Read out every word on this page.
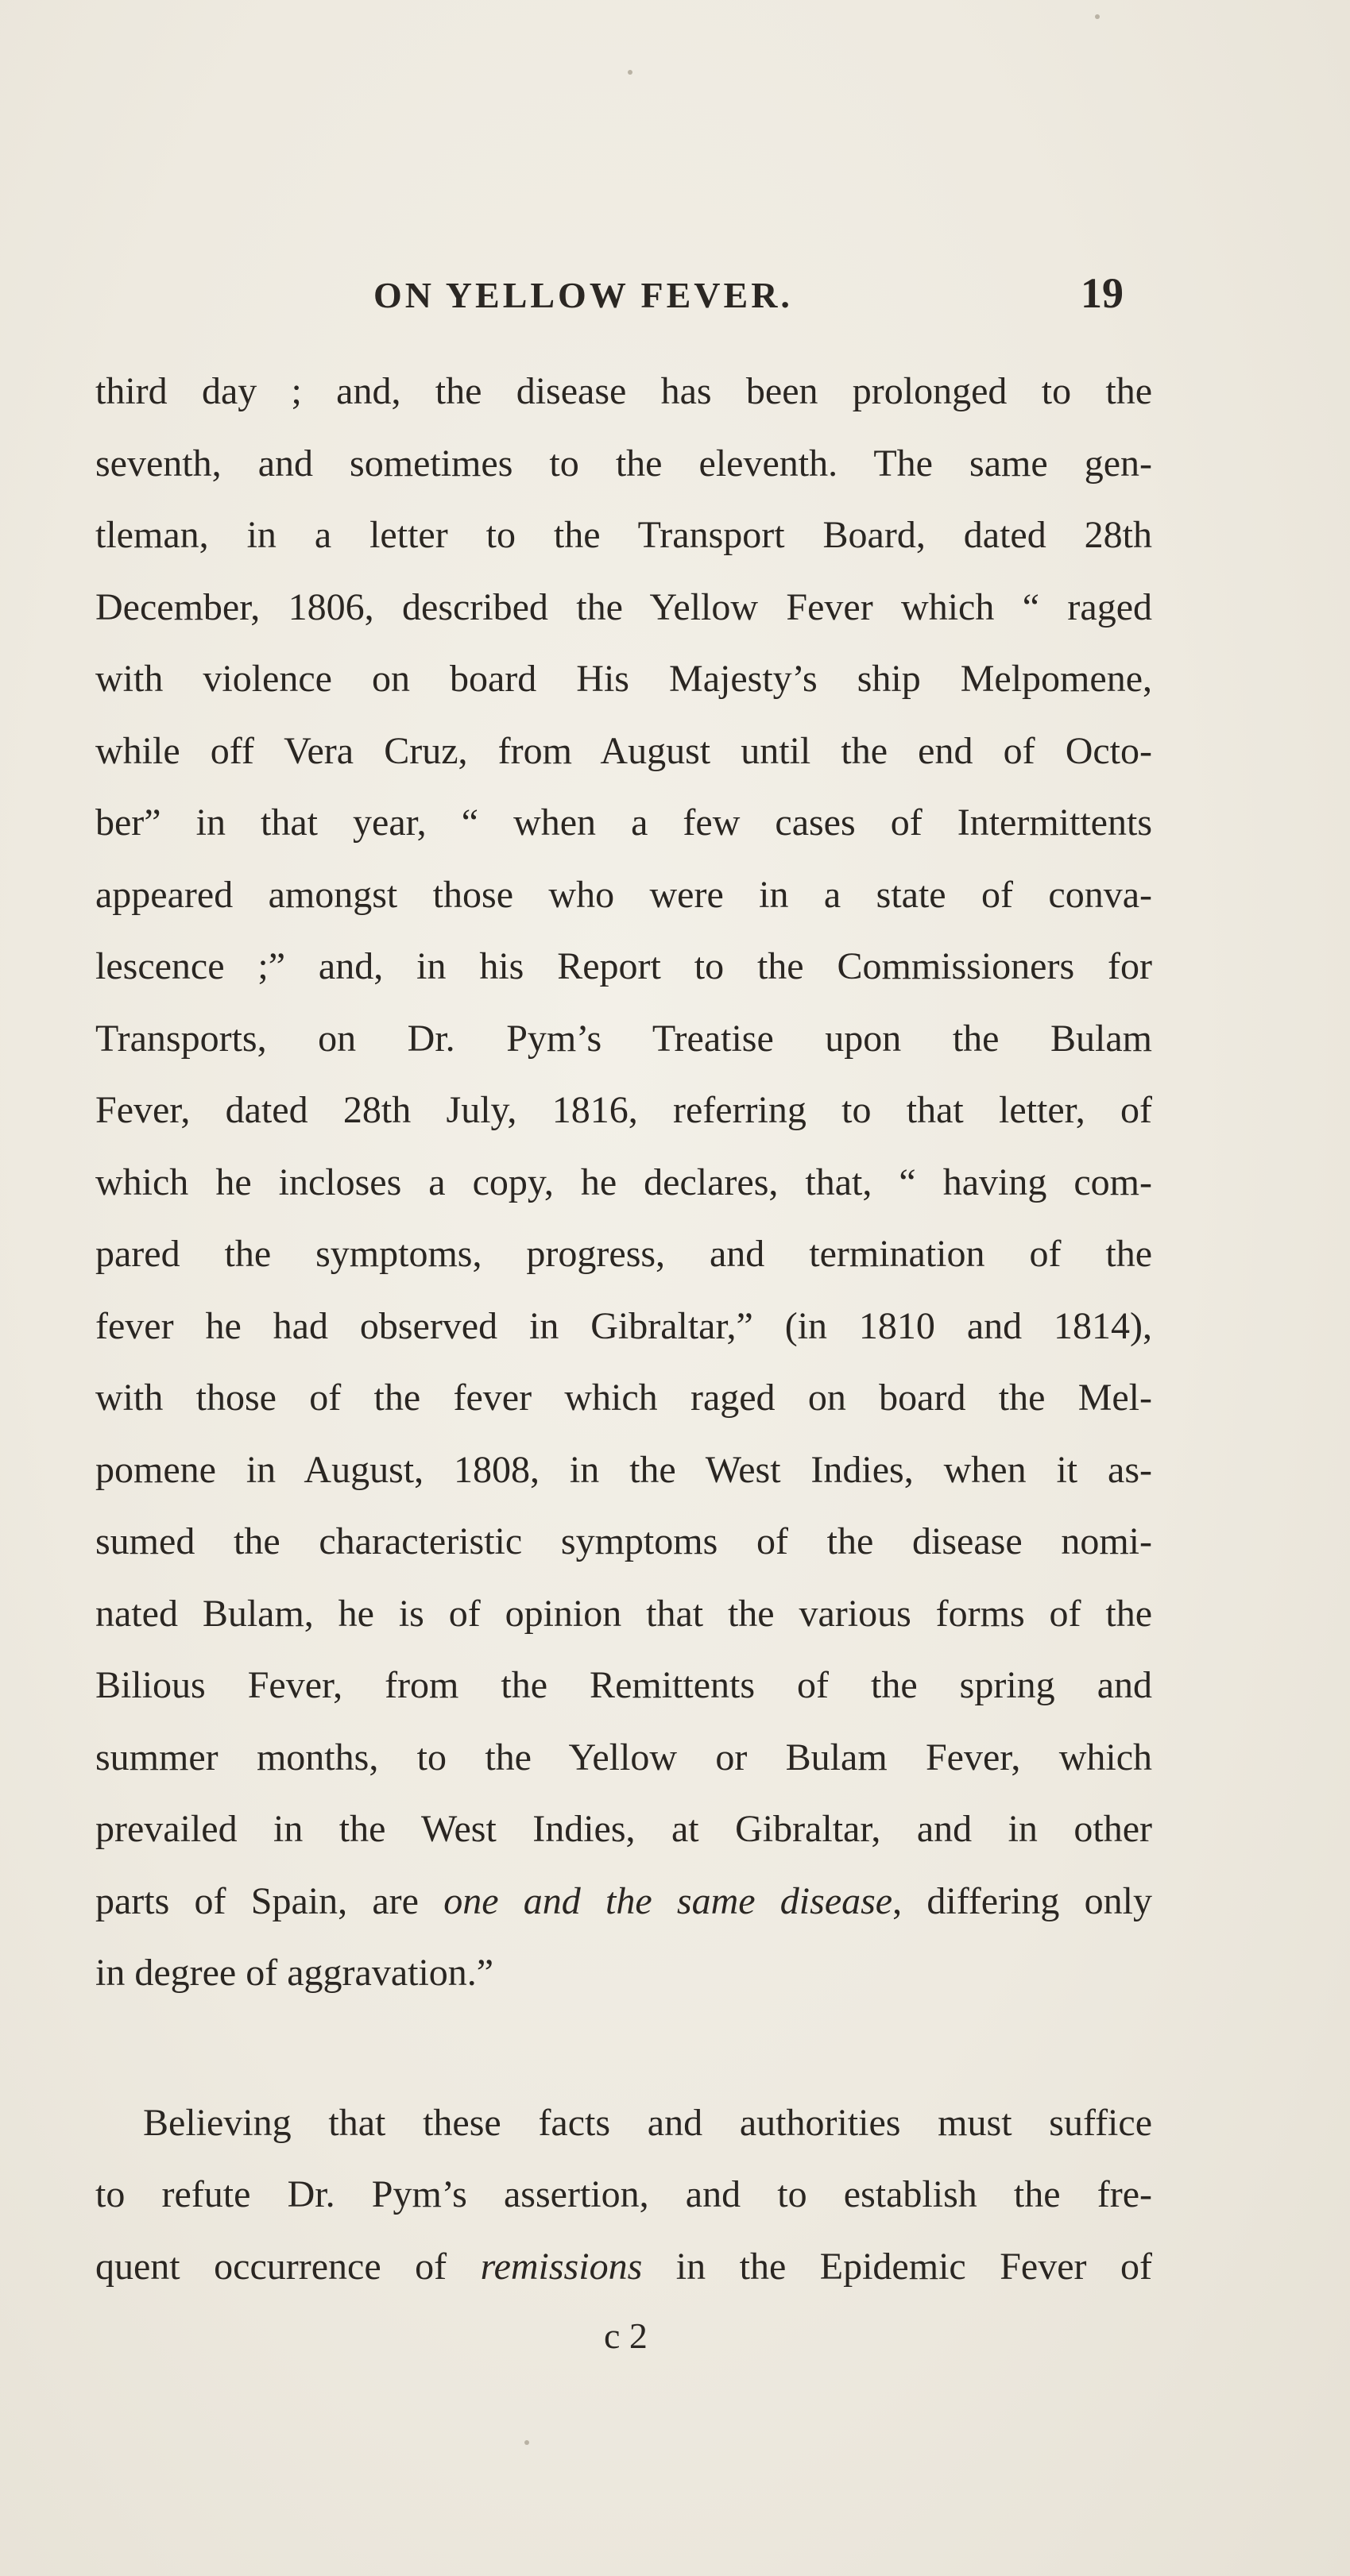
ON YELLOW FEVER.	19
third day ; and, the disease has been prolonged to the
seventh, and sometimes to the eleventh. The same gen-
tleman, in a letter to the Transport Board, dated 28th
December, 1806, described the Yellow Fever which “ raged
with violence on board His Majesty’s ship Melpomene,
while off Vera Cruz, from August until the end of Octo-
ber” in that year, “ when a few cases of Intermittents
appeared amongst those who were in a state of conva-
lescence ;” and, in his Report to the Commissioners for
Transports, on Dr. Pym’s Treatise upon the Bulam
Fever, dated 28th July, 1816, referring to that letter, of
which he incloses a copy, he declares, that, “ having com-
pared the symptoms, progress, and termination of the
fever he had observed in Gibraltar,” (in 1810 and 1814),
with those of the fever which raged on board the Mel-
pomene in August, 1808, in the West Indies, when it as-
sumed the characteristic symptoms of the disease nomi-
nated Bulam, he is of opinion that the various forms of the
Bilious Fever, from the Remittents of the spring and
summer months, to the Yellow or Bulam Fever, which
prevailed in the West Indies, at Gibraltar, and in other
parts of Spain, are one and the same disease, differing only
in degree of aggravation.”
Believing that these facts and authorities must suffice
to refute Dr. Pym’s assertion, and to establish the fre-
quent occurrence of remissions in the Epidemic Fever of
c 2
